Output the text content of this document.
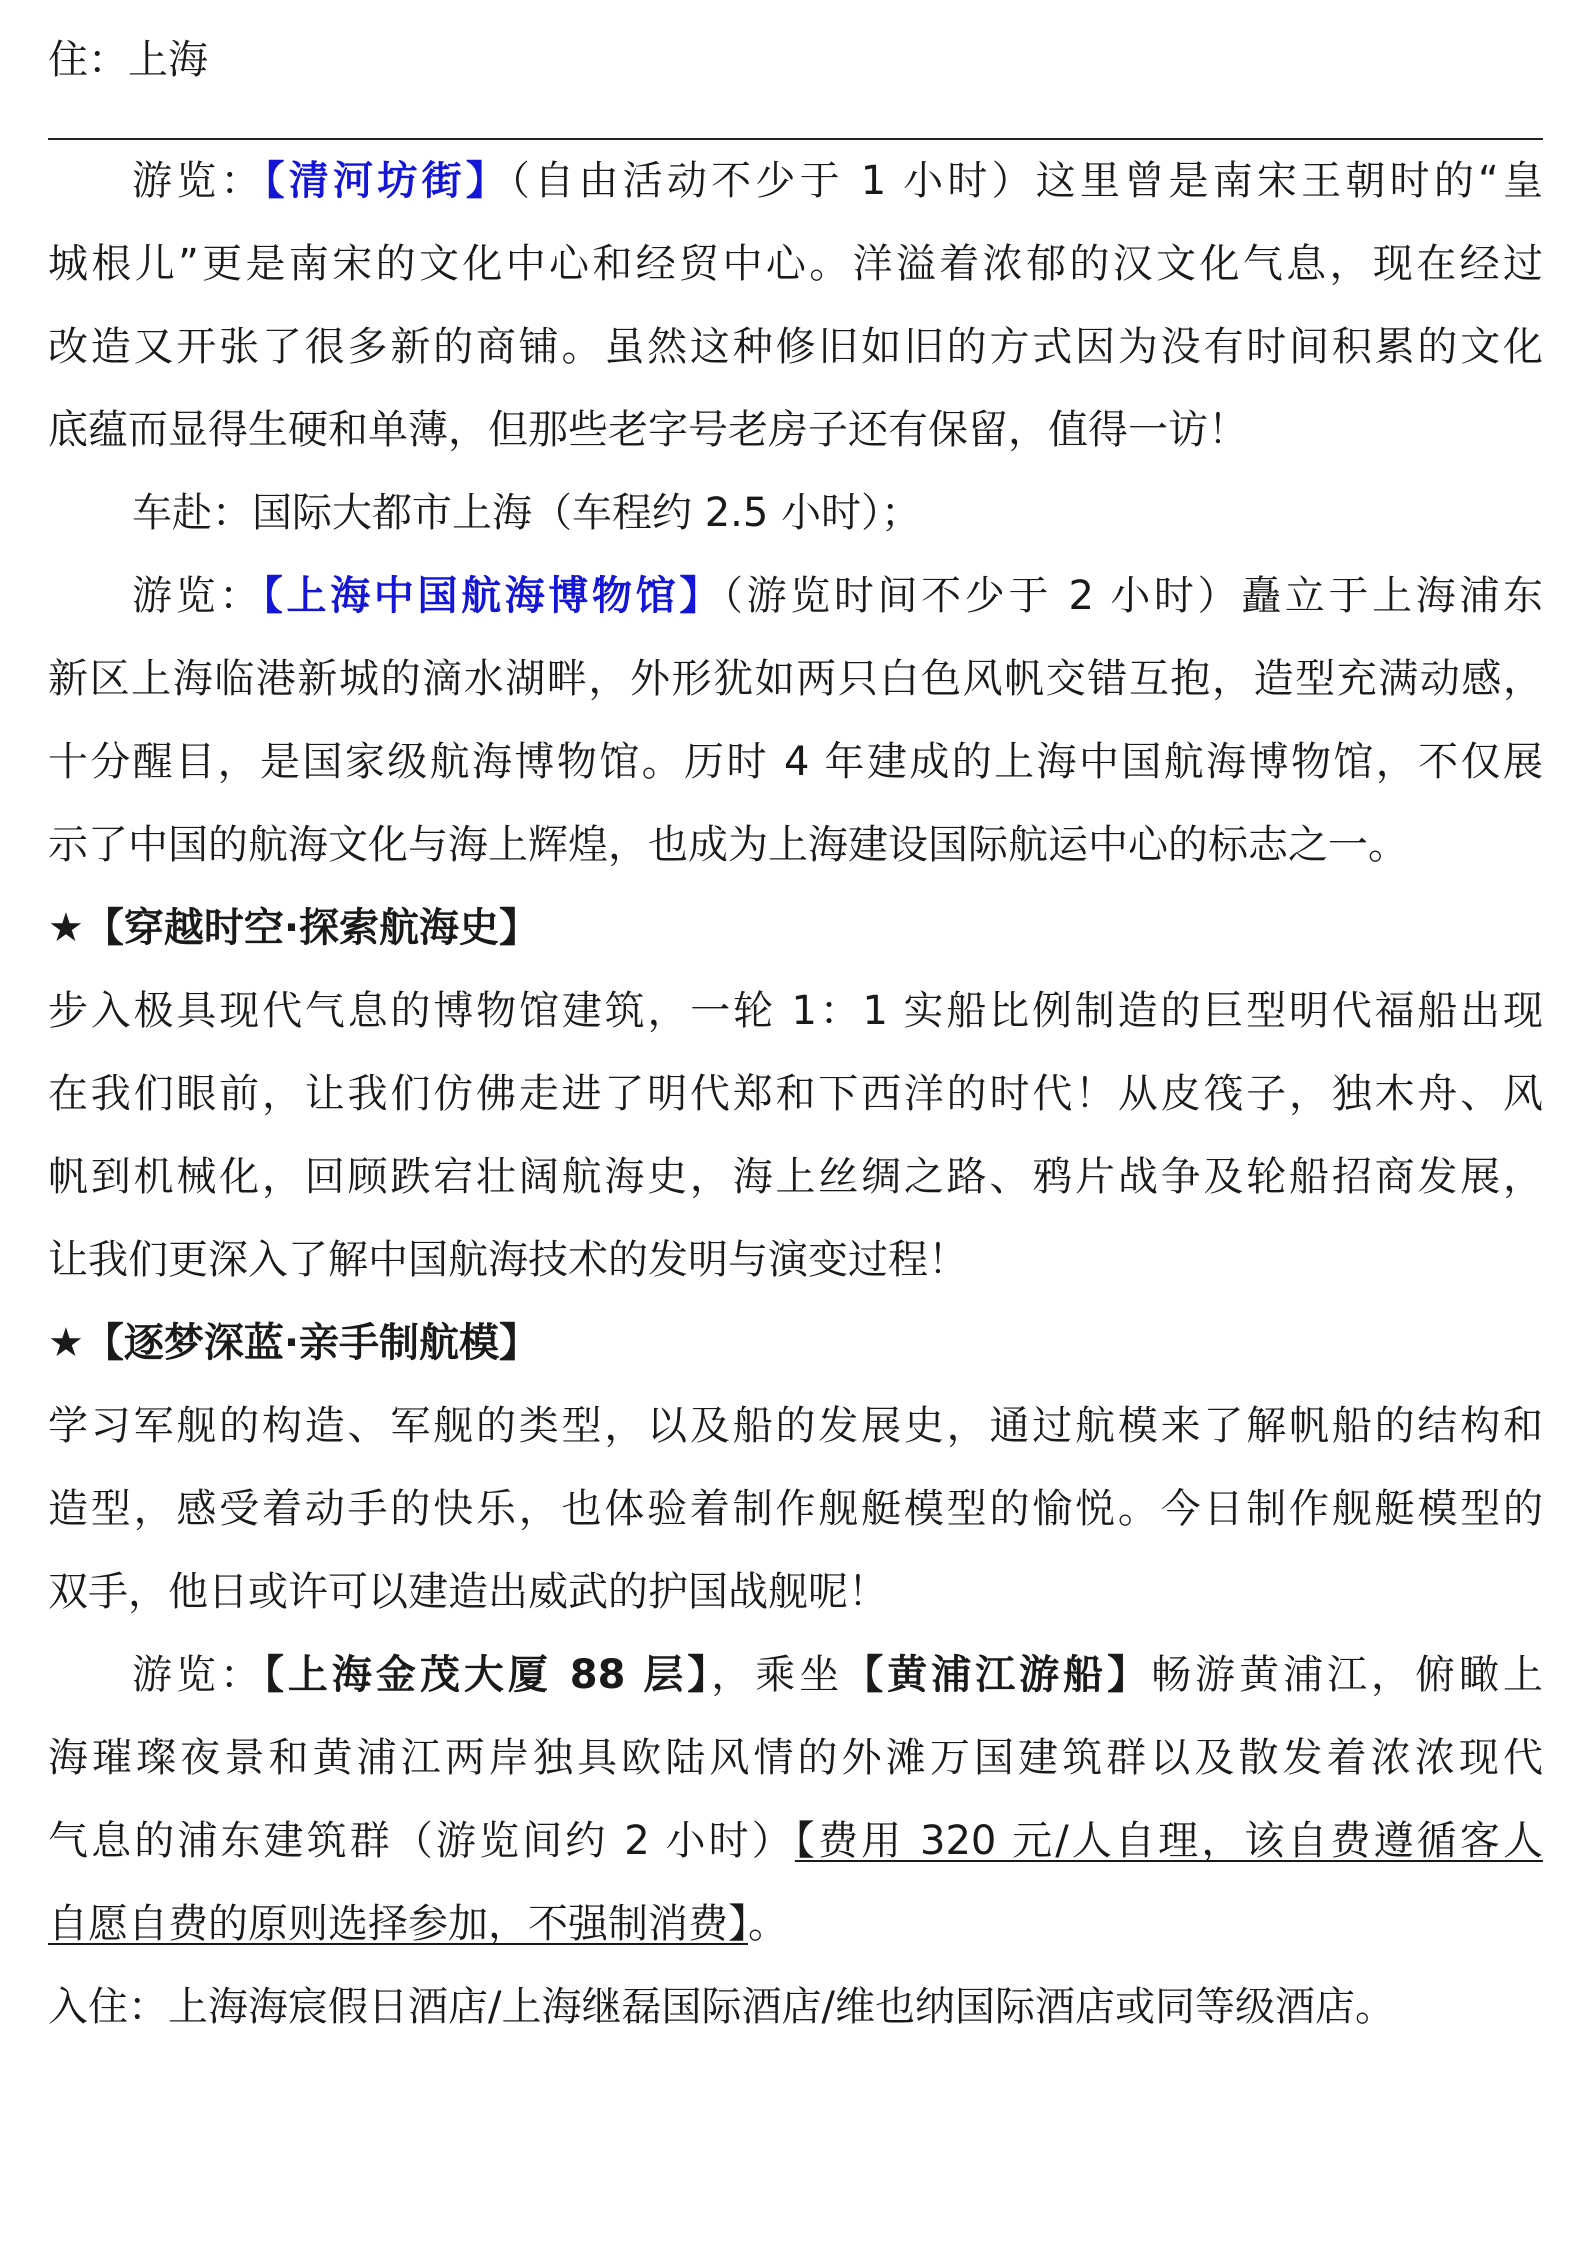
住：上海
游览：【清河坊街】（自由活动不少于 1 小时）这里曾是南宋王朝时的“皇
城根儿”更是南宋的文化中心和经贸中心。洋溢着浓郁的汉文化气息，现在经过
改造又开张了很多新的商铺。虽然这种修旧如旧的方式因为没有时间积累的文化
底蕴而显得生硬和单薄，但那些老字号老房子还有保留，值得一访！
车赴：国际大都市上海（车程约 2.5 小时）；
游览：【上海中国航海博物馆】（游览时间不少于 2 小时）矗立于上海浦东
新区上海临港新城的滴水湖畔，外形犹如两只白色风帆交错互抱，造型充满动感，
十分醒目，是国家级航海博物馆。历时 4 年建成的上海中国航海博物馆，不仅展
示了中国的航海文化与海上辉煌，也成为上海建设国际航运中心的标志之一。
★【穿越时空·探索航海史】
步入极具现代气息的博物馆建筑，一轮 1：1 实船比例制造的巨型明代福船出现
在我们眼前，让我们仿佛走进了明代郑和下西洋的时代！从皮筏子，独木舟、风
帆到机械化，回顾跌宕壮阔航海史，海上丝绸之路、鸦片战争及轮船招商发展，
让我们更深入了解中国航海技术的发明与演变过程！
★【逐梦深蓝·亲手制航模】
学习军舰的构造、军舰的类型，以及船的发展史，通过航模来了解帆船的结构和
造型，感受着动手的快乐，也体验着制作舰艇模型的愉悦。今日制作舰艇模型的
双手，他日或许可以建造出威武的护国战舰呢！
游览：【上海金茂大厦 88 层】，乘坐【黄浦江游船】畅游黄浦江，俯瞰上
海璀璨夜景和黄浦江两岸独具欧陆风情的外滩万国建筑群以及散发着浓浓现代
气息的浦东建筑群（游览间约 2 小时）【费用 320 元/人自理，该自费遵循客人
自愿自费的原则选择参加，不强制消费】。
入住：上海海宸假日酒店/上海继磊国际酒店/维也纳国际酒店或同等级酒店。
